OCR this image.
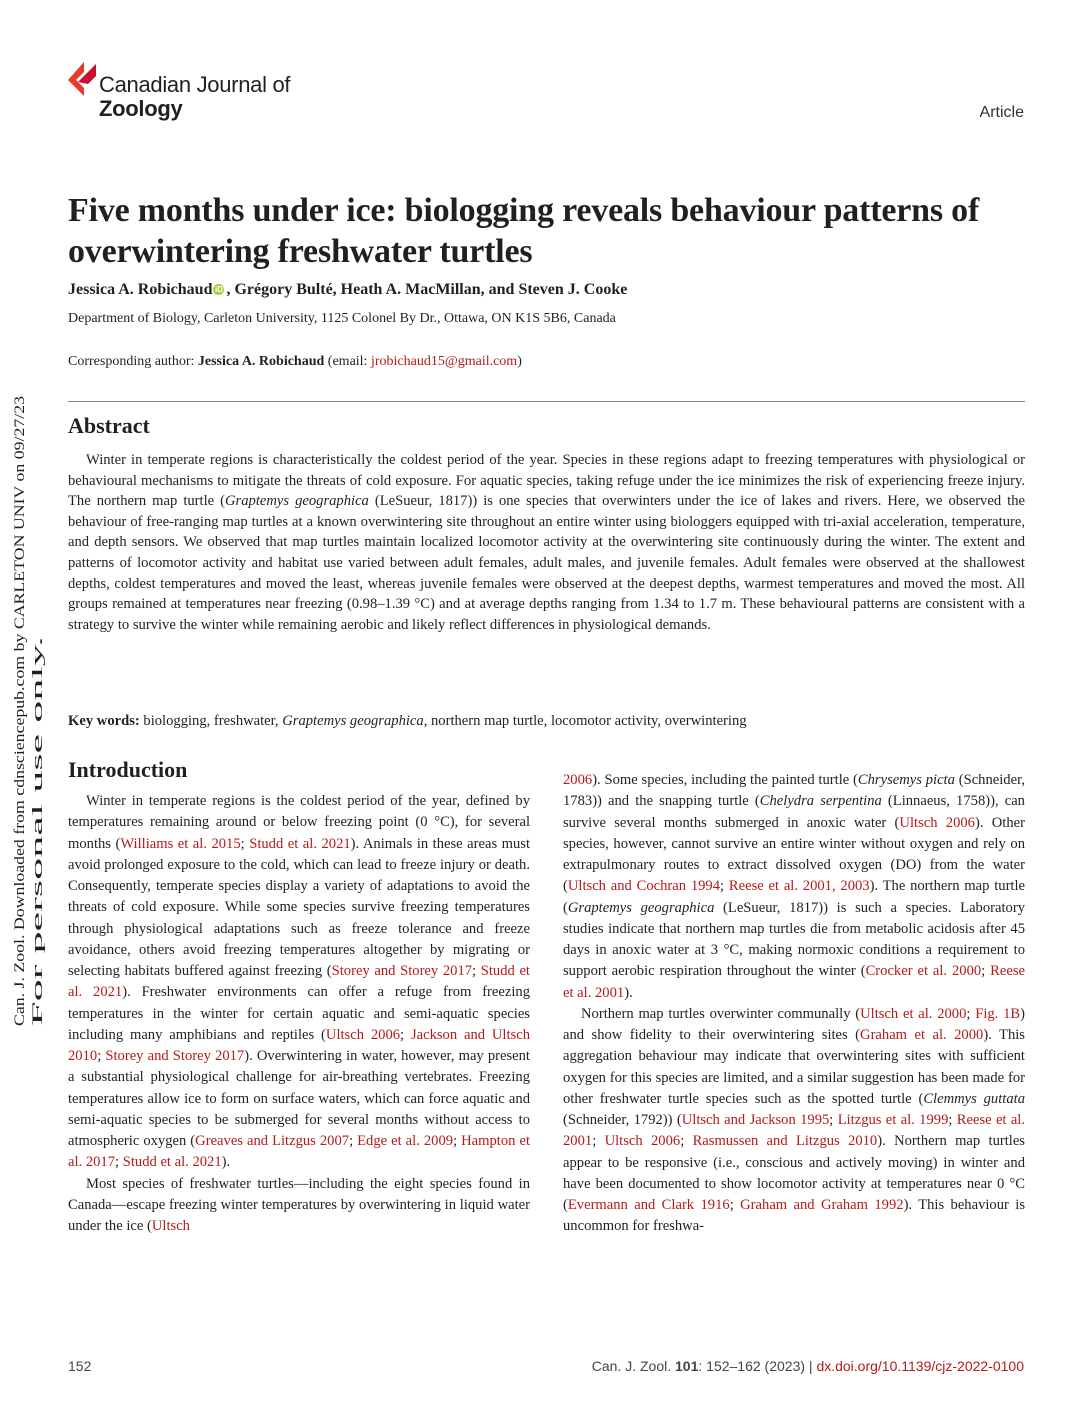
Canadian Journal of
Zoology	Article
Can. J. Zool. Downloaded from cdnsciencepub.com by CARLETON UNIV on 09/27/23 For personal use only.
Five months under ice: biologging reveals behaviour patterns of overwintering freshwater turtles
Jessica A. Robichaud iD , Grégory Bulté, Heath A. MacMillan, and Steven J. Cooke
Department of Biology, Carleton University, 1125 Colonel By Dr., Ottawa, ON K1S 5B6, Canada
Corresponding author: Jessica A. Robichaud (email: jrobichaud15@gmail.com)
Abstract

Winter in temperate regions is characteristically the coldest period of the year. Species in these regions adapt to freezing temperatures with physiological or behavioural mechanisms to mitigate the threats of cold exposure. For aquatic species, taking refuge under the ice minimizes the risk of experiencing freeze injury. The northern map turtle (Graptemys geographica (LeSueur, 1817)) is one species that overwinters under the ice of lakes and rivers. Here, we observed the behaviour of free-ranging map turtles at a known overwintering site throughout an entire winter using biologgers equipped with tri-axial acceleration, temperature, and depth sensors. We observed that map turtles maintain localized locomotor activity at the overwintering site continuously during the winter. The extent and patterns of locomotor activity and habitat use varied between adult females, adult males, and juvenile females. Adult females were observed at the shallowest depths, coldest temperatures and moved the least, whereas juvenile females were observed at the deepest depths, warmest temperatures and moved the most. All groups remained at temperatures near freezing (0.98–1.39 °C) and at average depths ranging from 1.34 to 1.7 m. These behavioural patterns are consistent with a strategy to survive the winter while remaining aerobic and likely reflect differences in physiological demands.

Key words: biologging, freshwater, Graptemys geographica, northern map turtle, locomotor activity, overwintering

Introduction

Winter in temperate regions is the coldest period of the year, defined by temperatures remaining around or below freezing point (0 °C), for several months (Williams et al. 2015; Studd et al. 2021). Animals in these areas must avoid prolonged exposure to the cold, which can lead to freeze injury or death. Consequently, temperate species display a variety of adaptations to avoid the threats of cold exposure. While some species survive freezing temperatures through physiological adaptations such as freeze tolerance and freeze avoidance, others avoid freezing temperatures altogether by migrating or selecting habitats buffered against freezing (Storey and Storey 2017; Studd et al. 2021). Freshwater environments can offer a refuge from freezing temperatures in the winter for certain aquatic and semi-aquatic species including many amphibians and reptiles (Ultsch 2006; Jackson and Ultsch 2010; Storey and Storey 2017). Overwintering in water, however, may present a substantial physiological challenge for air-breathing vertebrates. Freezing temperatures allow ice to form on surface waters, which can force aquatic and semi-aquatic species to be submerged for several months without access to atmospheric oxygen (Greaves and Litzgus 2007; Edge et al. 2009; Hampton et al. 2017; Studd et al. 2021).

Most species of freshwater turtles—including the eight species found in Canada—escape freezing winter temperatures by overwintering in liquid water under the ice (Ultsch

2006). Some species, including the painted turtle (Chrysemys picta (Schneider, 1783)) and the snapping turtle (Chelydra serpentina (Linnaeus, 1758)), can survive several months submerged in anoxic water (Ultsch 2006). Other species, however, cannot survive an entire winter without oxygen and rely on extrapulmonary routes to extract dissolved oxygen (DO) from the water (Ultsch and Cochran 1994; Reese et al. 2001, 2003). The northern map turtle (Graptemys geographica (LeSueur, 1817)) is such a species. Laboratory studies indicate that northern map turtles die from metabolic acidosis after 45 days in anoxic water at 3 °C, making normoxic conditions a requirement to support aerobic respiration throughout the winter (Crocker et al. 2000; Reese et al. 2001).

Northern map turtles overwinter communally (Ultsch et al. 2000; Fig. 1B) and show fidelity to their overwintering sites (Graham et al. 2000). This aggregation behaviour may indicate that overwintering sites with sufficient oxygen for this species are limited, and a similar suggestion has been made for other freshwater turtle species such as the spotted turtle (Clemmys guttata (Schneider, 1792)) (Ultsch and Jackson 1995; Litzgus et al. 1999; Reese et al. 2001; Ultsch 2006; Rasmussen and Litzgus 2010). Northern map turtles appear to be responsive (i.e., conscious and actively moving) in winter and have been documented to show locomotor activity at temperatures near 0 °C (Evermann and Clark 1916; Graham and Graham 1992). This behaviour is uncommon for freshwa-

152	Can. J. Zool. 101: 152–162 (2023) | dx.doi.org/10.1139/cjz-2022-0100
